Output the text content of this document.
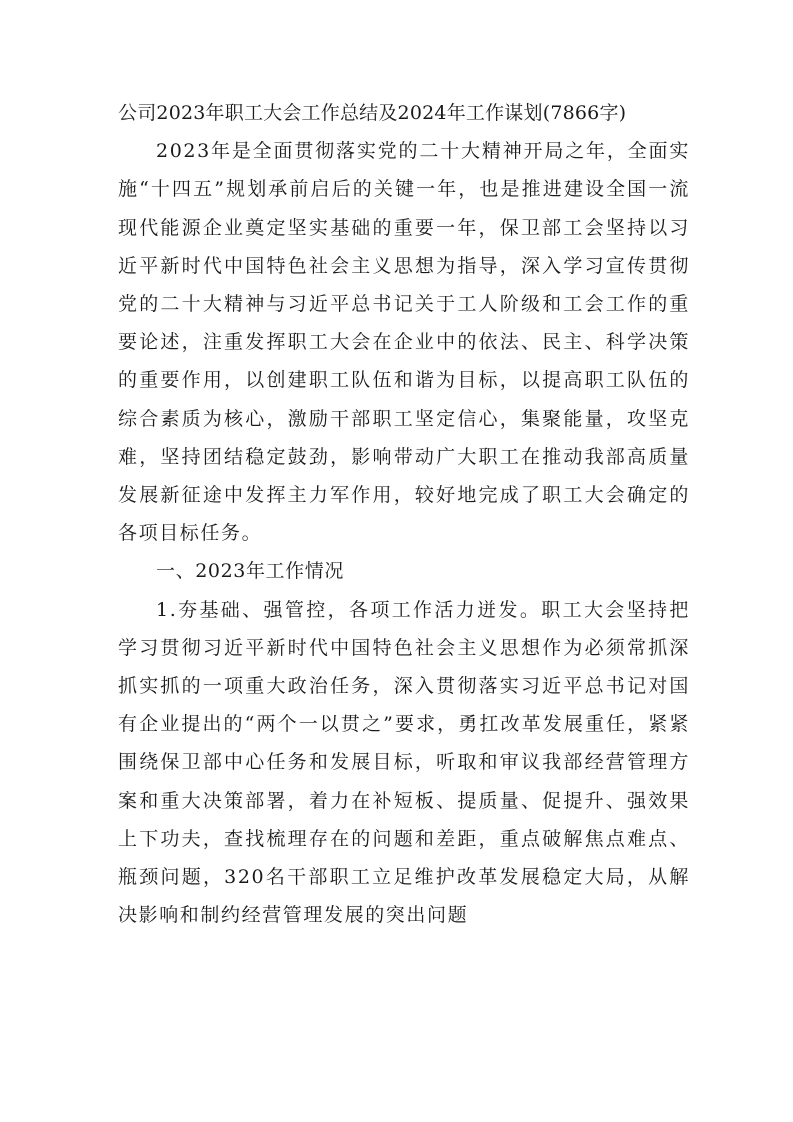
公司2023年职工大会工作总结及2024年工作谋划(7866字)

2023年是全面贯彻落实党的二十大精神开局之年，全面实施“十四五”规划承前启后的关键一年，也是推进建设全国一流现代能源企业奠定坚实基础的重要一年，保卫部工会坚持以习近平新时代中国特色社会主义思想为指导，深入学习宣传贯彻党的二十大精神与习近平总书记关于工人阶级和工会工作的重要论述，注重发挥职工大会在企业中的依法、民主、科学决策的重要作用，以创建职工队伍和谐为目标，以提高职工队伍的综合素质为核心，激励干部职工坚定信心，集聚能量，攻坚克难，坚持团结稳定鼓劲，影响带动广大职工在推动我部高质量发展新征途中发挥主力军作用，较好地完成了职工大会确定的各项目标任务。

一、2023年工作情况

1.夯基础、强管控，各项工作活力迸发。职工大会坚持把学习贯彻习近平新时代中国特色社会主义思想作为必须常抓深抓实抓的一项重大政治任务，深入贯彻落实习近平总书记对国有企业提出的“两个一以贯之”要求，勇扛改革发展重任，紧紧围绕保卫部中心任务和发展目标，听取和审议我部经营管理方案和重大决策部署，着力在补短板、提质量、促提升、强效果上下功夫，查找梳理存在的问题和差距，重点破解焦点难点、瓶颈问题，320名干部职工立足维护改革发展稳定大局，从解决影响和制约经营管理发展的突出问题
